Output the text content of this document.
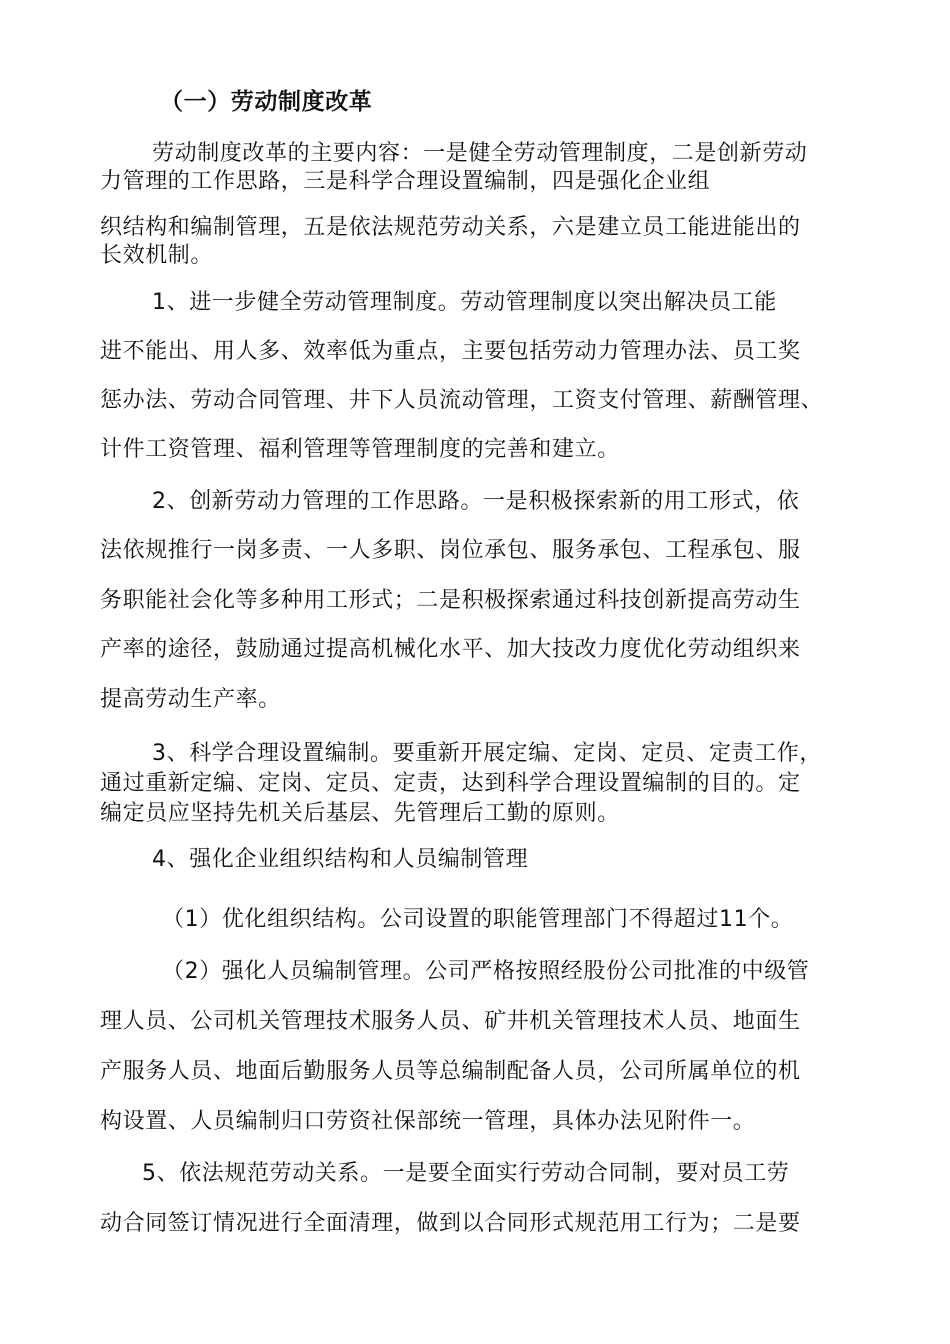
（一）劳动制度改革
劳动制度改革的主要内容：一是健全劳动管理制度，二是创新劳动
力管理的工作思路，三是科学合理设置编制，四是强化企业组
织结构和编制管理，五是依法规范劳动关系，六是建立员工能进能出的
长效机制。
1、进一步健全劳动管理制度。劳动管理制度以突出解决员工能
进不能出、用人多、效率低为重点，主要包括劳动力管理办法、员工奖
惩办法、劳动合同管理、井下人员流动管理，工资支付管理、薪酬管理、
计件工资管理、福利管理等管理制度的完善和建立。
2、创新劳动力管理的工作思路。一是积极探索新的用工形式，依
法依规推行一岗多责、一人多职、岗位承包、服务承包、工程承包、服
务职能社会化等多种用工形式；二是积极探索通过科技创新提高劳动生
产率的途径，鼓励通过提高机械化水平、加大技改力度优化劳动组织来
提高劳动生产率。
3、科学合理设置编制。要重新开展定编、定岗、定员、定责工作，
通过重新定编、定岗、定员、定责，达到科学合理设置编制的目的。定
编定员应坚持先机关后基层、先管理后工勤的原则。
4、强化企业组织结构和人员编制管理
（1）优化组织结构。公司设置的职能管理部门不得超过11个。
（2）强化人员编制管理。公司严格按照经股份公司批准的中级管
理人员、公司机关管理技术服务人员、矿井机关管理技术人员、地面生
产服务人员、地面后勤服务人员等总编制配备人员，公司所属单位的机
构设置、人员编制归口劳资社保部统一管理，具体办法见附件一。
5、依法规范劳动关系。一是要全面实行劳动合同制，要对员工劳
动合同签订情况进行全面清理，做到以合同形式规范用工行为；二是要
